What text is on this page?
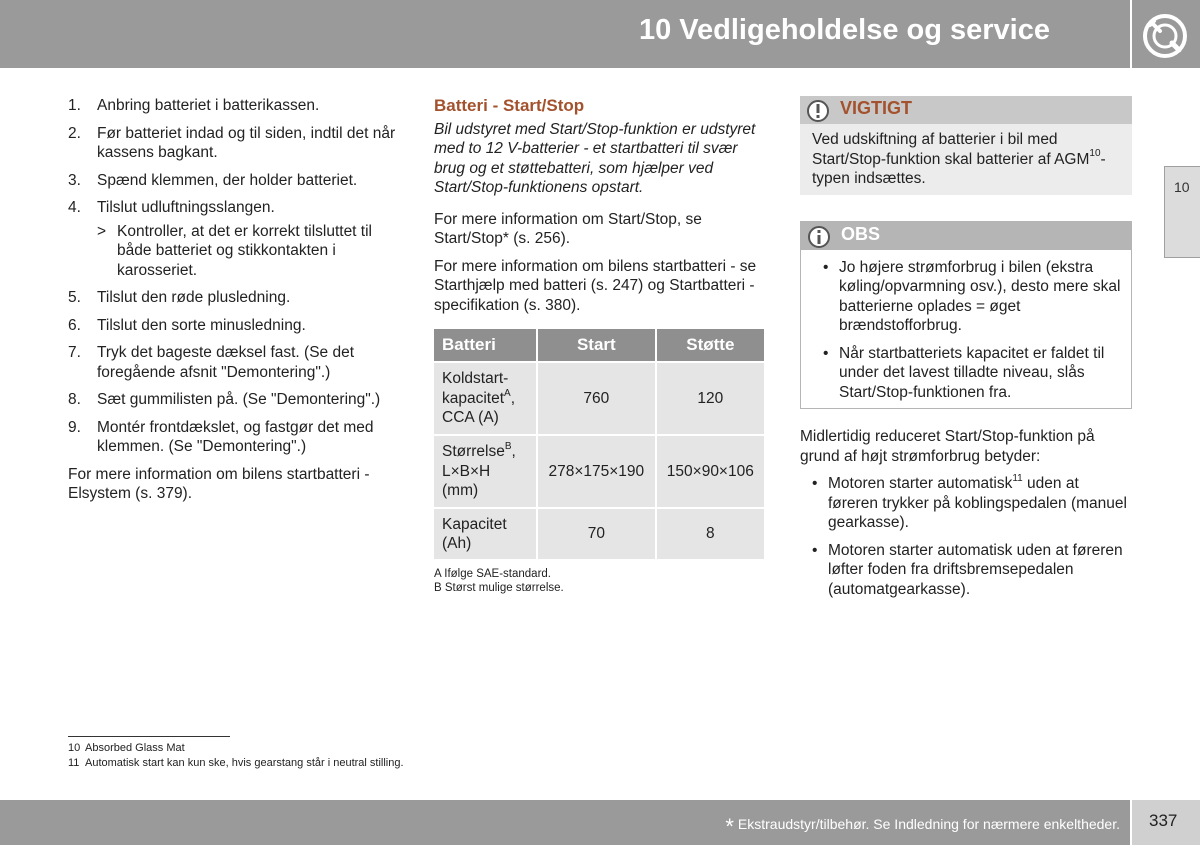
10 Vedligeholdelse og service
10
1. Anbring batteriet i batterikassen.
2. Før batteriet indad og til siden, indtil det når kassens bagkant.
3. Spænd klemmen, der holder batteriet.
4. Tilslut udluftningsslangen.
> Kontroller, at det er korrekt tilsluttet til både batteriet og stikkontakten i karosseriet.
5. Tilslut den røde plusledning.
6. Tilslut den sorte minusledning.
7. Tryk det bageste dæksel fast. (Se det foregående afsnit "Demontering".)
8. Sæt gummilisten på. (Se "Demontering".)
9. Montér frontdækslet, og fastgør det med klemmen. (Se "Demontering".)
For mere information om bilens startbatteri - Elsystem (s. 379).
Batteri - Start/Stop
Bil udstyret med Start/Stop-funktion er udstyret med to 12 V-batterier - et startbatteri til svær brug og et støttebatteri, som hjælper ved Start/Stop-funktionens opstart.
For mere information om Start/Stop, se Start/Stop* (s. 256).
For mere information om bilens startbatteri - se Starthjælp med batteri (s. 247) og Startbatteri - specifikation (s. 380).
Batteri	Start	Støtte
Koldstart-
kapacitet$^A$,
CCA (A)	760	120
Størrelse$^B$,
L×B×H
(mm)	278×175×190	150×90×106
Kapacitet
(Ah)	70	8
A Ifølge SAE-standard.
B Størst mulige størrelse.
VIGTIGT
Ved udskiftning af batterier i bil med Start/Stop-funktion skal batterier af AGM$^{10}$-typen indsættes.
OBS
• Jo højere strømforbrug i bilen (ekstra køling/opvarmning osv.), desto mere skal batterierne oplades = øget brændstofforbrug.
• Når startbatteriets kapacitet er faldet til under det lavest tilladte niveau, slås Start/Stop-funktionen fra.
Midlertidig reduceret Start/Stop-funktion på grund af højt strømforbrug betyder:
• Motoren starter automatisk$^{11}$ uden at føreren trykker på koblingspedalen (manuel gearkasse).
• Motoren starter automatisk uden at føreren løfter foden fra driftsbremsepedalen (automatgearkasse).
10 Absorbed Glass Mat
11 Automatisk start kan kun ske, hvis gearstang står i neutral stilling.
* Ekstraudstyr/tilbehør. Se Indledning for nærmere enkeltheder. 337
